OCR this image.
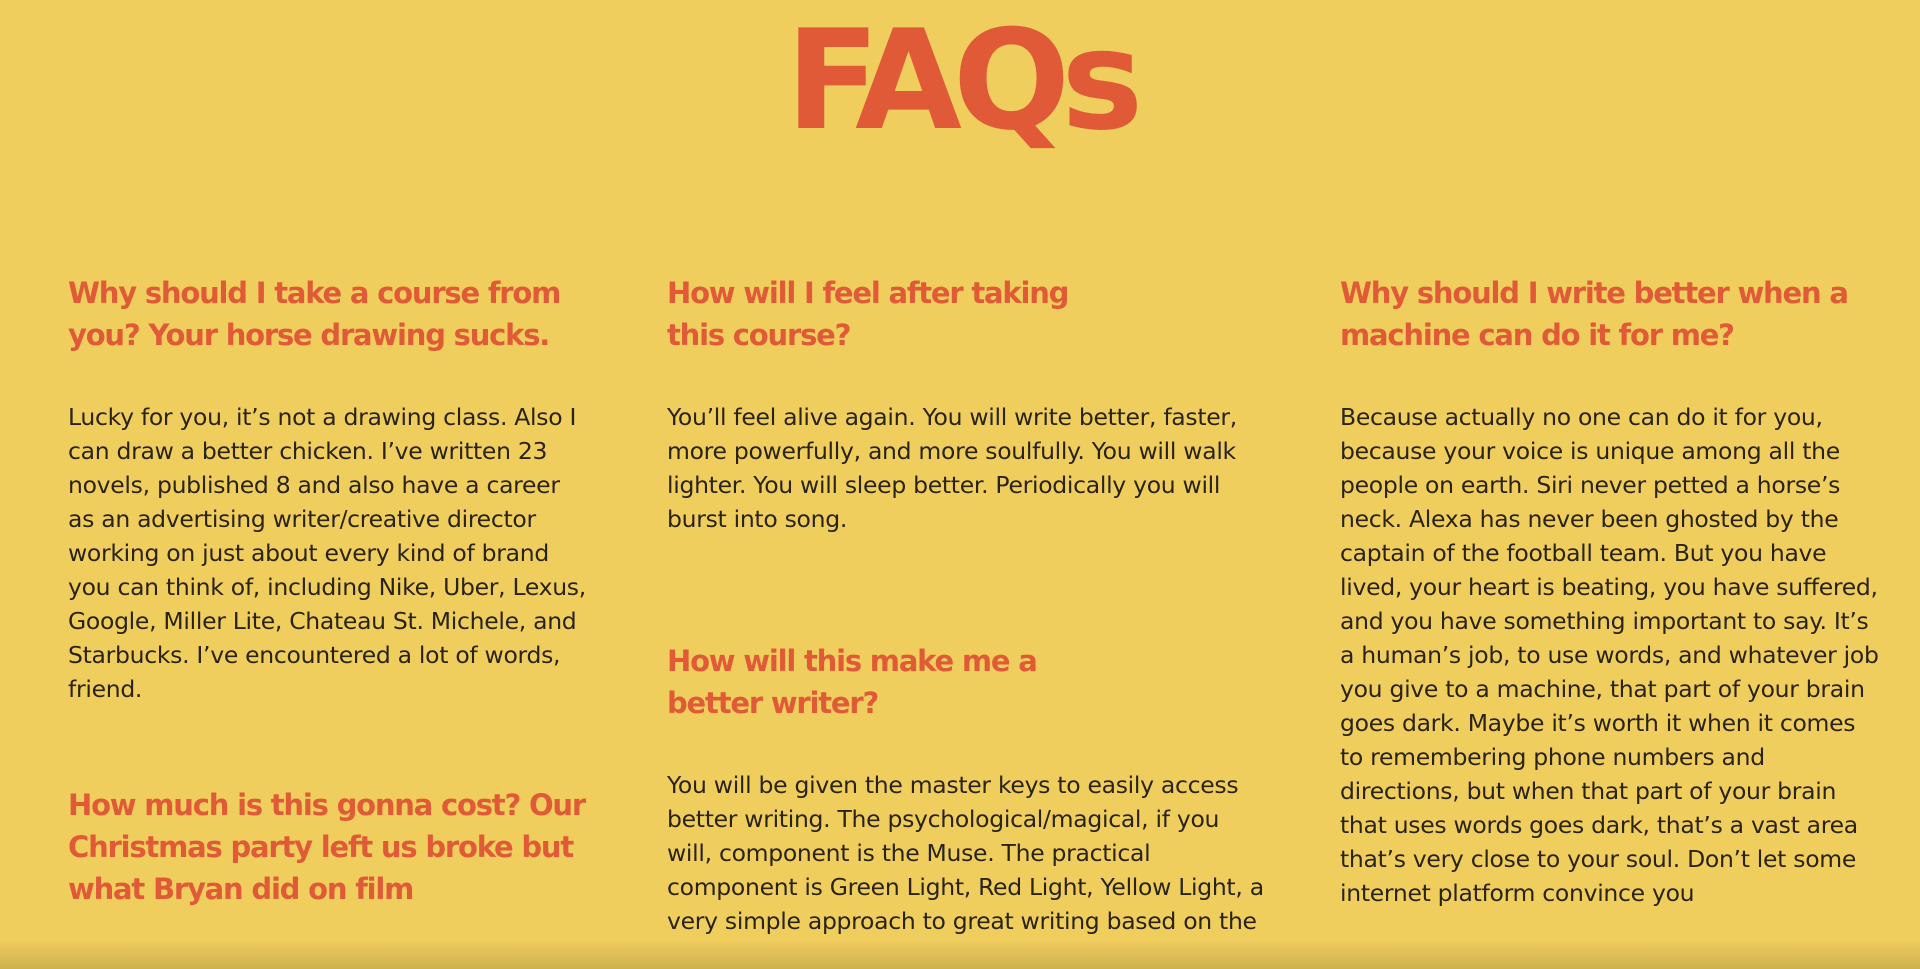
FAQs
Why should I take a course from you? Your horse drawing sucks.

Lucky for you, it’s not a drawing class. Also I can draw a better chicken. I’ve written 23 novels, published 8 and also have a career as an advertising writer/creative director working on just about every kind of brand you can think of, including Nike, Uber, Lexus, Google, Miller Lite, Chateau St. Michele, and Starbucks. I’ve encountered a lot of words, friend.

How much is this gonna cost? Our Christmas party left us broke but what Bryan did on film
How will I feel after taking this course?

You’ll feel alive again. You will write better, faster, more powerfully, and more soulfully. You will walk lighter. You will sleep better. Periodically you will burst into song.

How will this make me a better writer?

You will be given the master keys to easily access better writing. The psychological/magical, if you will, component is the Muse. The practical component is Green Light, Red Light, Yellow Light, a very simple approach to great writing based on the

Why should I write better when a machine can do it for me?

Because actually no one can do it for you, because your voice is unique among all the people on earth. Siri never petted a horse’s neck. Alexa has never been ghosted by the captain of the football team. But you have lived, your heart is beating, you have suffered, and you have something important to say. It’s a human’s job, to use words, and whatever job you give to a machine, that part of your brain goes dark. Maybe it’s worth it when it comes to remembering phone numbers and directions, but when that part of your brain that uses words goes dark, that’s a vast area that’s very close to your soul. Don’t let some internet platform convince you
